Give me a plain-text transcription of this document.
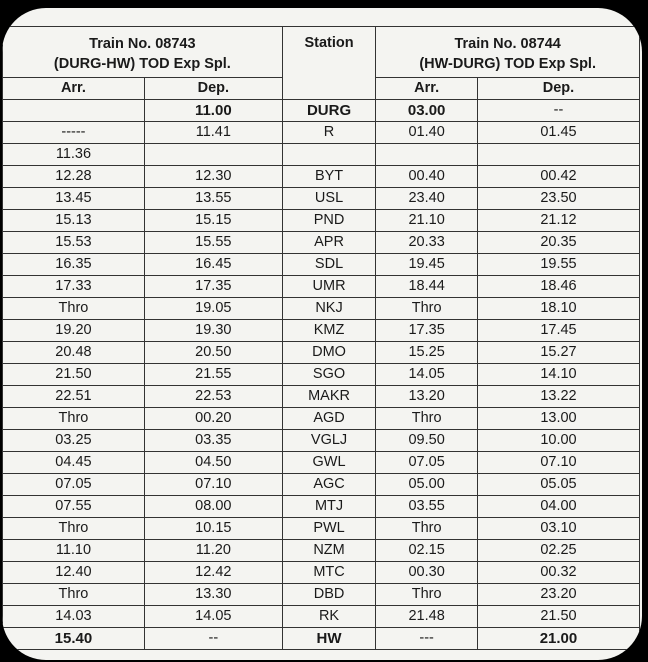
Train No. 08743
(DURG-HW) TOD Exp Spl.		Station	Train No. 08744
(HW-DURG) TOD Exp Spl.	
Arr.	Dep.		Arr.	Dep.
	11.00	DURG	03.00	--
-----	11.41	R	01.40	01.45
11.36				
12.28	12.30	BYT	00.40	00.42
13.45	13.55	USL	23.40	23.50
15.13	15.15	PND	21.10	21.12
15.53	15.55	APR	20.33	20.35
16.35	16.45	SDL	19.45	19.55
17.33	17.35	UMR	18.44	18.46
Thro	19.05	NKJ	Thro	18.10
19.20	19.30	KMZ	17.35	17.45
20.48	20.50	DMO	15.25	15.27
21.50	21.55	SGO	14.05	14.10
22.51	22.53	MAKR	13.20	13.22
Thro	00.20	AGD	Thro	13.00
03.25	03.35	VGLJ	09.50	10.00
04.45	04.50	GWL	07.05	07.10
07.05	07.10	AGC	05.00	05.05
07.55	08.00	MTJ	03.55	04.00
Thro	10.15	PWL	Thro	03.10
11.10	11.20	NZM	02.15	02.25
12.40	12.42	MTC	00.30	00.32
Thro	13.30	DBD	Thro	23.20
14.03	14.05	RK	21.48	21.50
15.40	--	HW	---	21.00
